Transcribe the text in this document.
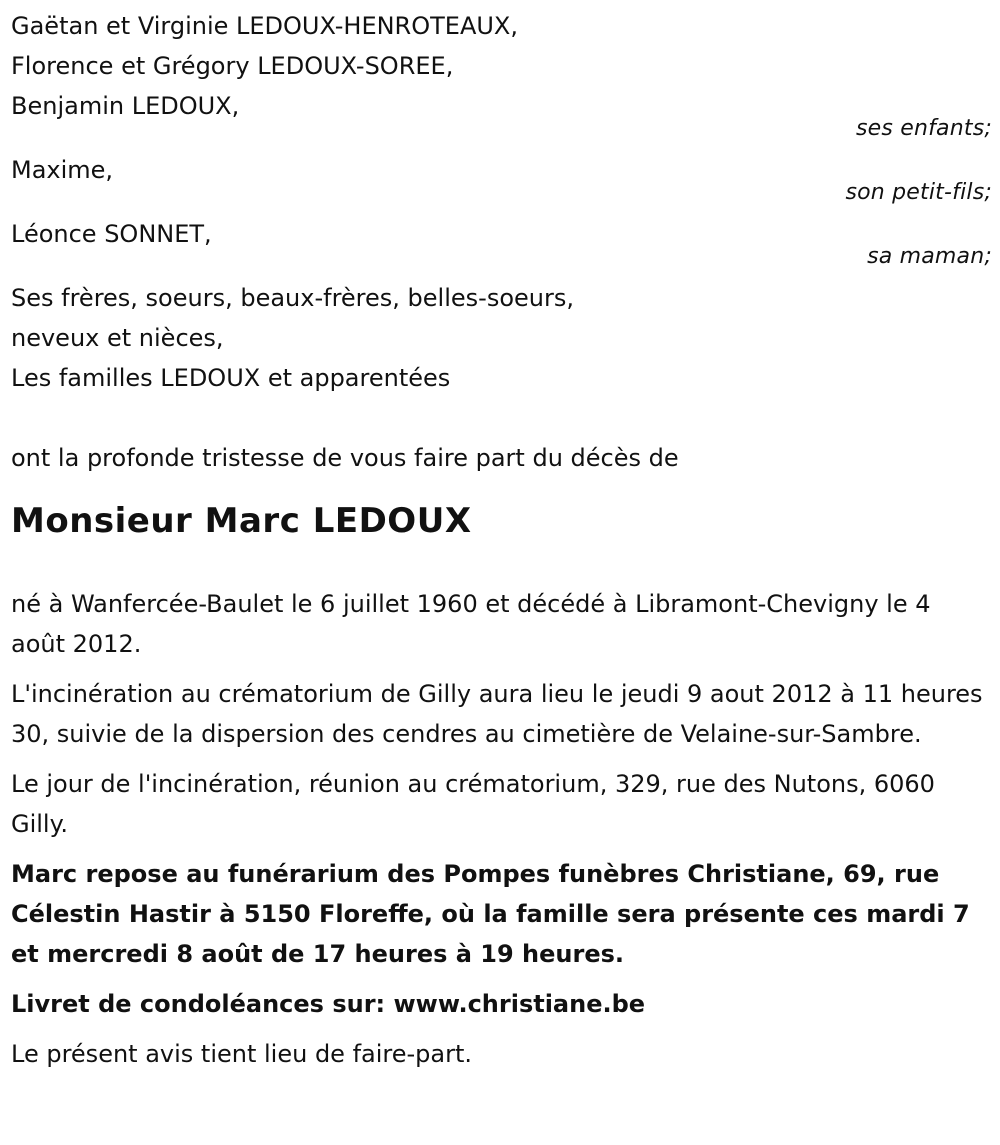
Gaëtan et Virginie LEDOUX-HENROTEAUX,

Florence et Grégory LEDOUX-SOREE,

Benjamin LEDOUX,

ses enfants;

Maxime,

son petit-fils;

Léonce SONNET,

sa maman;

Ses frères, soeurs, beaux-frères, belles-soeurs,

neveux et nièces,

Les familles LEDOUX et apparentées

ont la profonde tristesse de vous faire part du décès de

Monsieur Marc LEDOUX

né à Wanfercée-Baulet le 6 juillet 1960 et décédé à Libramont-Chevigny le 4 août 2012.

L'incinération au crématorium de Gilly aura lieu le jeudi 9 aout 2012 à 11 heures 30, suivie de la dispersion des cendres au cimetière de Velaine-sur-Sambre.

Le jour de l'incinération, réunion au crématorium, 329, rue des Nutons, 6060 Gilly.

Marc repose au funérarium des Pompes funèbres Christiane, 69, rue Célestin Hastir à 5150 Floreffe, où la famille sera présente ces mardi 7 et mercredi 8 août de 17 heures à 19 heures.

Livret de condoléances sur: www.christiane.be

Le présent avis tient lieu de faire-part.
